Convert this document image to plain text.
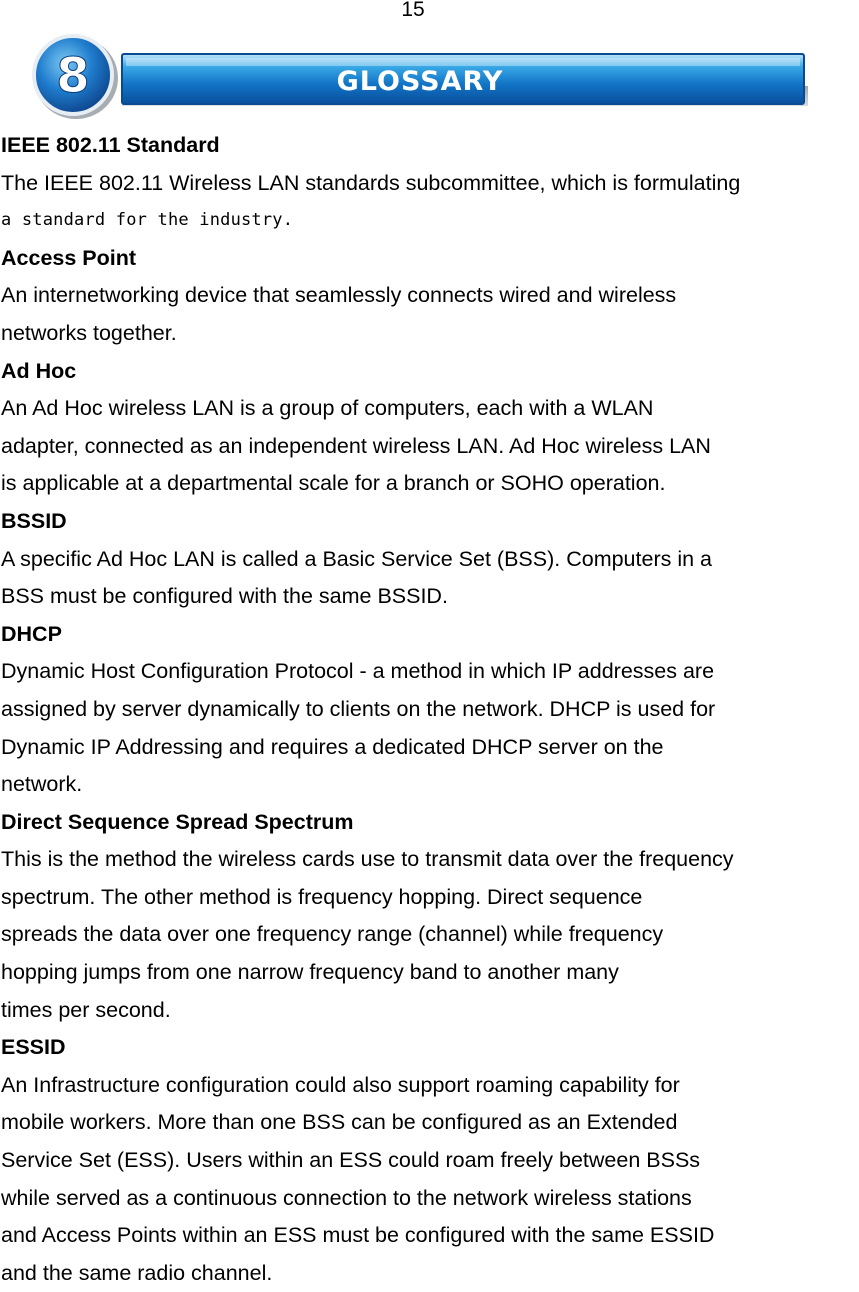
15
8	GLOSSARY
IEEE 802.11 Standard
The IEEE 802.11 Wireless LAN standards subcommittee, which is formulating
a standard for the industry.
Access Point
An internetworking device that seamlessly connects wired and wireless
networks together.
Ad Hoc
An Ad Hoc wireless LAN is a group of computers, each with a WLAN
adapter, connected as an independent wireless LAN. Ad Hoc wireless LAN
is applicable at a departmental scale for a branch or SOHO operation.
BSSID
A specific Ad Hoc LAN is called a Basic Service Set (BSS). Computers in a
BSS must be configured with the same BSSID.
DHCP
Dynamic Host Configuration Protocol - a method in which IP addresses are
assigned by server dynamically to clients on the network. DHCP is used for
Dynamic IP Addressing and requires a dedicated DHCP server on the
network.
Direct Sequence Spread Spectrum
This is the method the wireless cards use to transmit data over the frequency
spectrum. The other method is frequency hopping. Direct sequence
spreads the data over one frequency range (channel) while frequency
hopping jumps from one narrow frequency band to another many
times per second.
ESSID
An Infrastructure configuration could also support roaming capability for
mobile workers. More than one BSS can be configured as an Extended
Service Set (ESS). Users within an ESS could roam freely between BSSs
while served as a continuous connection to the network wireless stations
and Access Points within an ESS must be configured with the same ESSID
and the same radio channel.
